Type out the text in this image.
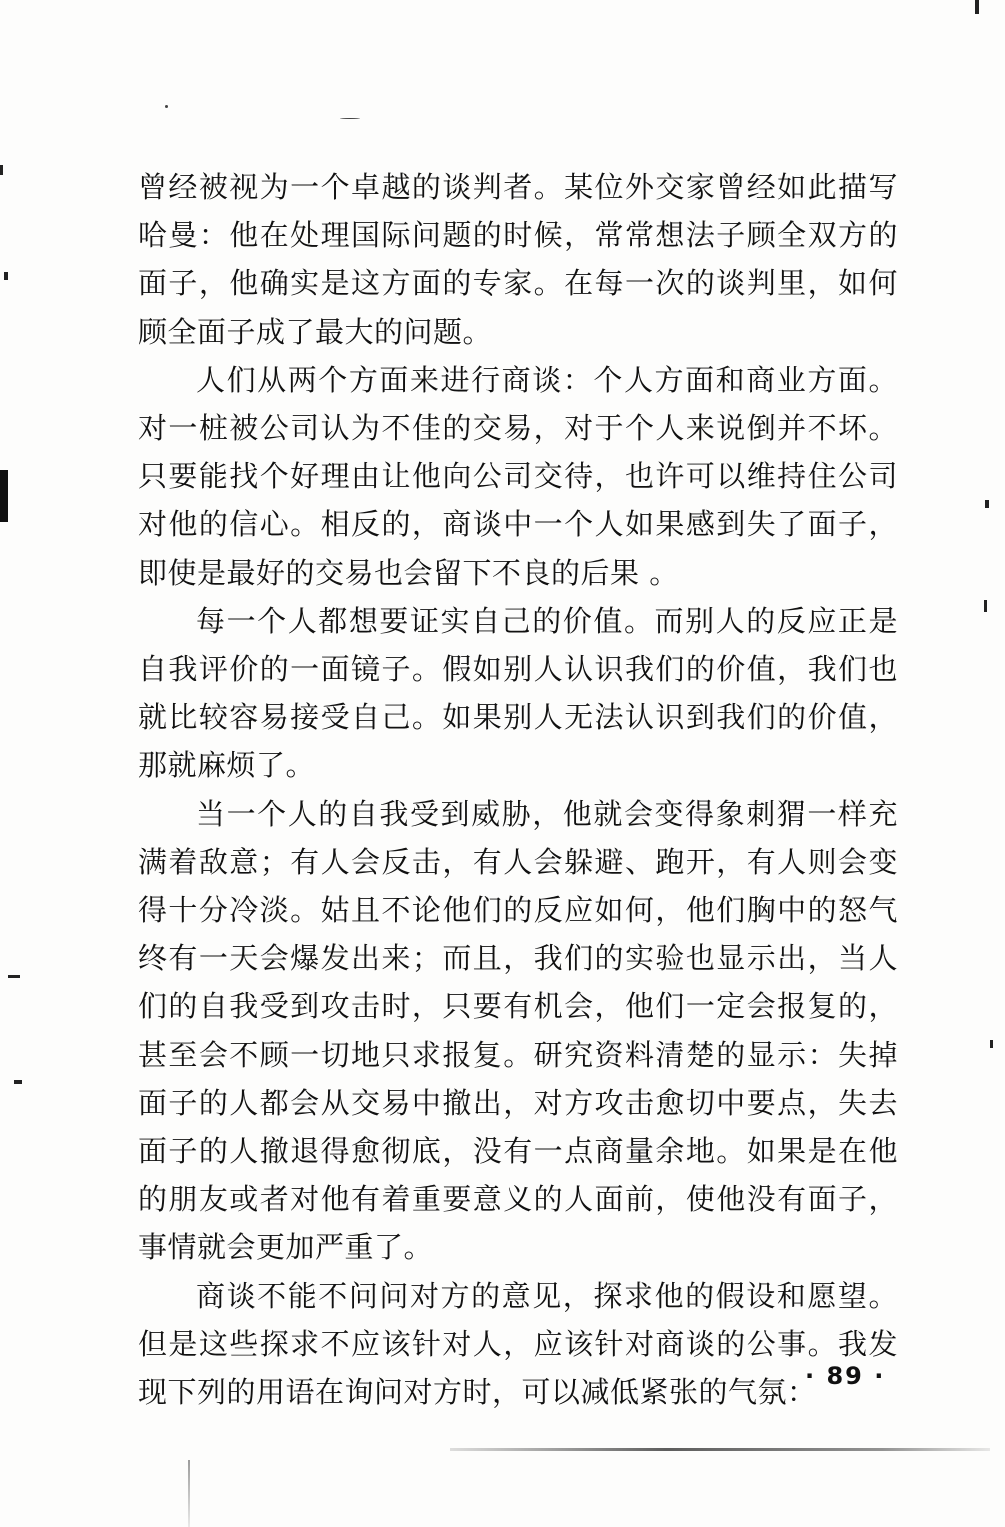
曾经被视为一个卓越的谈判者。某位外交家曾经如此描写哈曼：他在处理国际问题的时候，常常想法子顾全双方的面子，他确实是这方面的专家。在每一次的谈判里，如何顾全面子成了最大的问题。

人们从两个方面来进行商谈：个人方面和商业方面。对一桩被公司认为不佳的交易，对于个人来说倒并不坏。只要能找个好理由让他向公司交待，也许可以维持住公司对他的信心。相反的，商谈中一个人如果感到失了面子，即使是最好的交易也会留下不良的后果 。

每一个人都想要证实自己的价值。而别人的反应正是自我评价的一面镜子。假如别人认识我们的价值，我们也就比较容易接受自己。如果别人无法认识到我们的价值，那就麻烦了。

当一个人的自我受到威胁，他就会变得象刺猬一样充满着敌意；有人会反击，有人会躲避、跑开，有人则会变得十分冷淡。姑且不论他们的反应如何，他们胸中的怒气终有一天会爆发出来；而且，我们的实验也显示出，当人们的自我受到攻击时，只要有机会，他们一定会报复的，甚至会不顾一切地只求报复。研究资料清楚的显示：失掉面子的人都会从交易中撤出，对方攻击愈切中要点，失去面子的人撤退得愈彻底，没有一点商量余地。如果是在他的朋友或者对他有着重要意义的人面前，使他没有面子，事情就会更加严重了。

商谈不能不问问对方的意见，探求他的假设和愿望。但是这些探求不应该针对人，应该针对商谈的公事。我发现下列的用语在询问对方时，可以减低紧张的气氛：

· 89 ·
